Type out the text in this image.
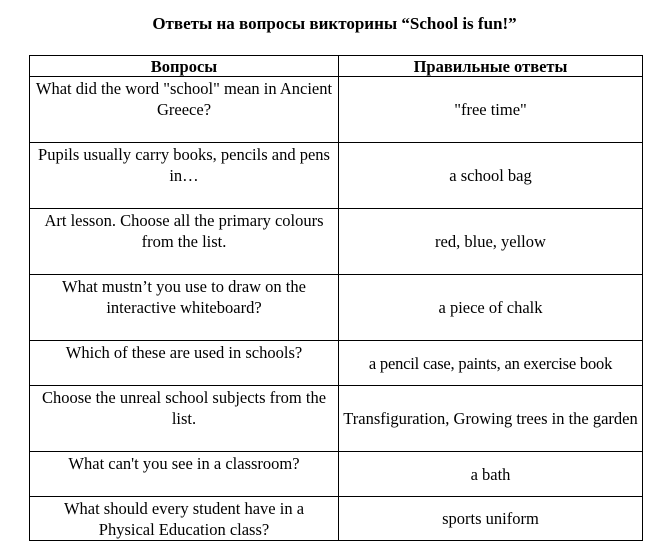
Ответы на вопросы викторины “School is fun!”
Вопросы	Правильные ответы
What did the word "school" mean in Ancient Greece?	"free time"
Pupils usually carry books, pencils and pens in…	a school bag
Art lesson. Choose all the primary colours from the list.	red, blue, yellow
What mustn’t you use to draw on the interactive whiteboard?	a piece of chalk
Which of these are used in schools?	a pencil case, paints, an exercise book
Choose the unreal school subjects from the list.	Transfiguration, Growing trees in the garden
What can't you see in a classroom?	a bath
What should every student have in a Physical Education class?	sports uniform
